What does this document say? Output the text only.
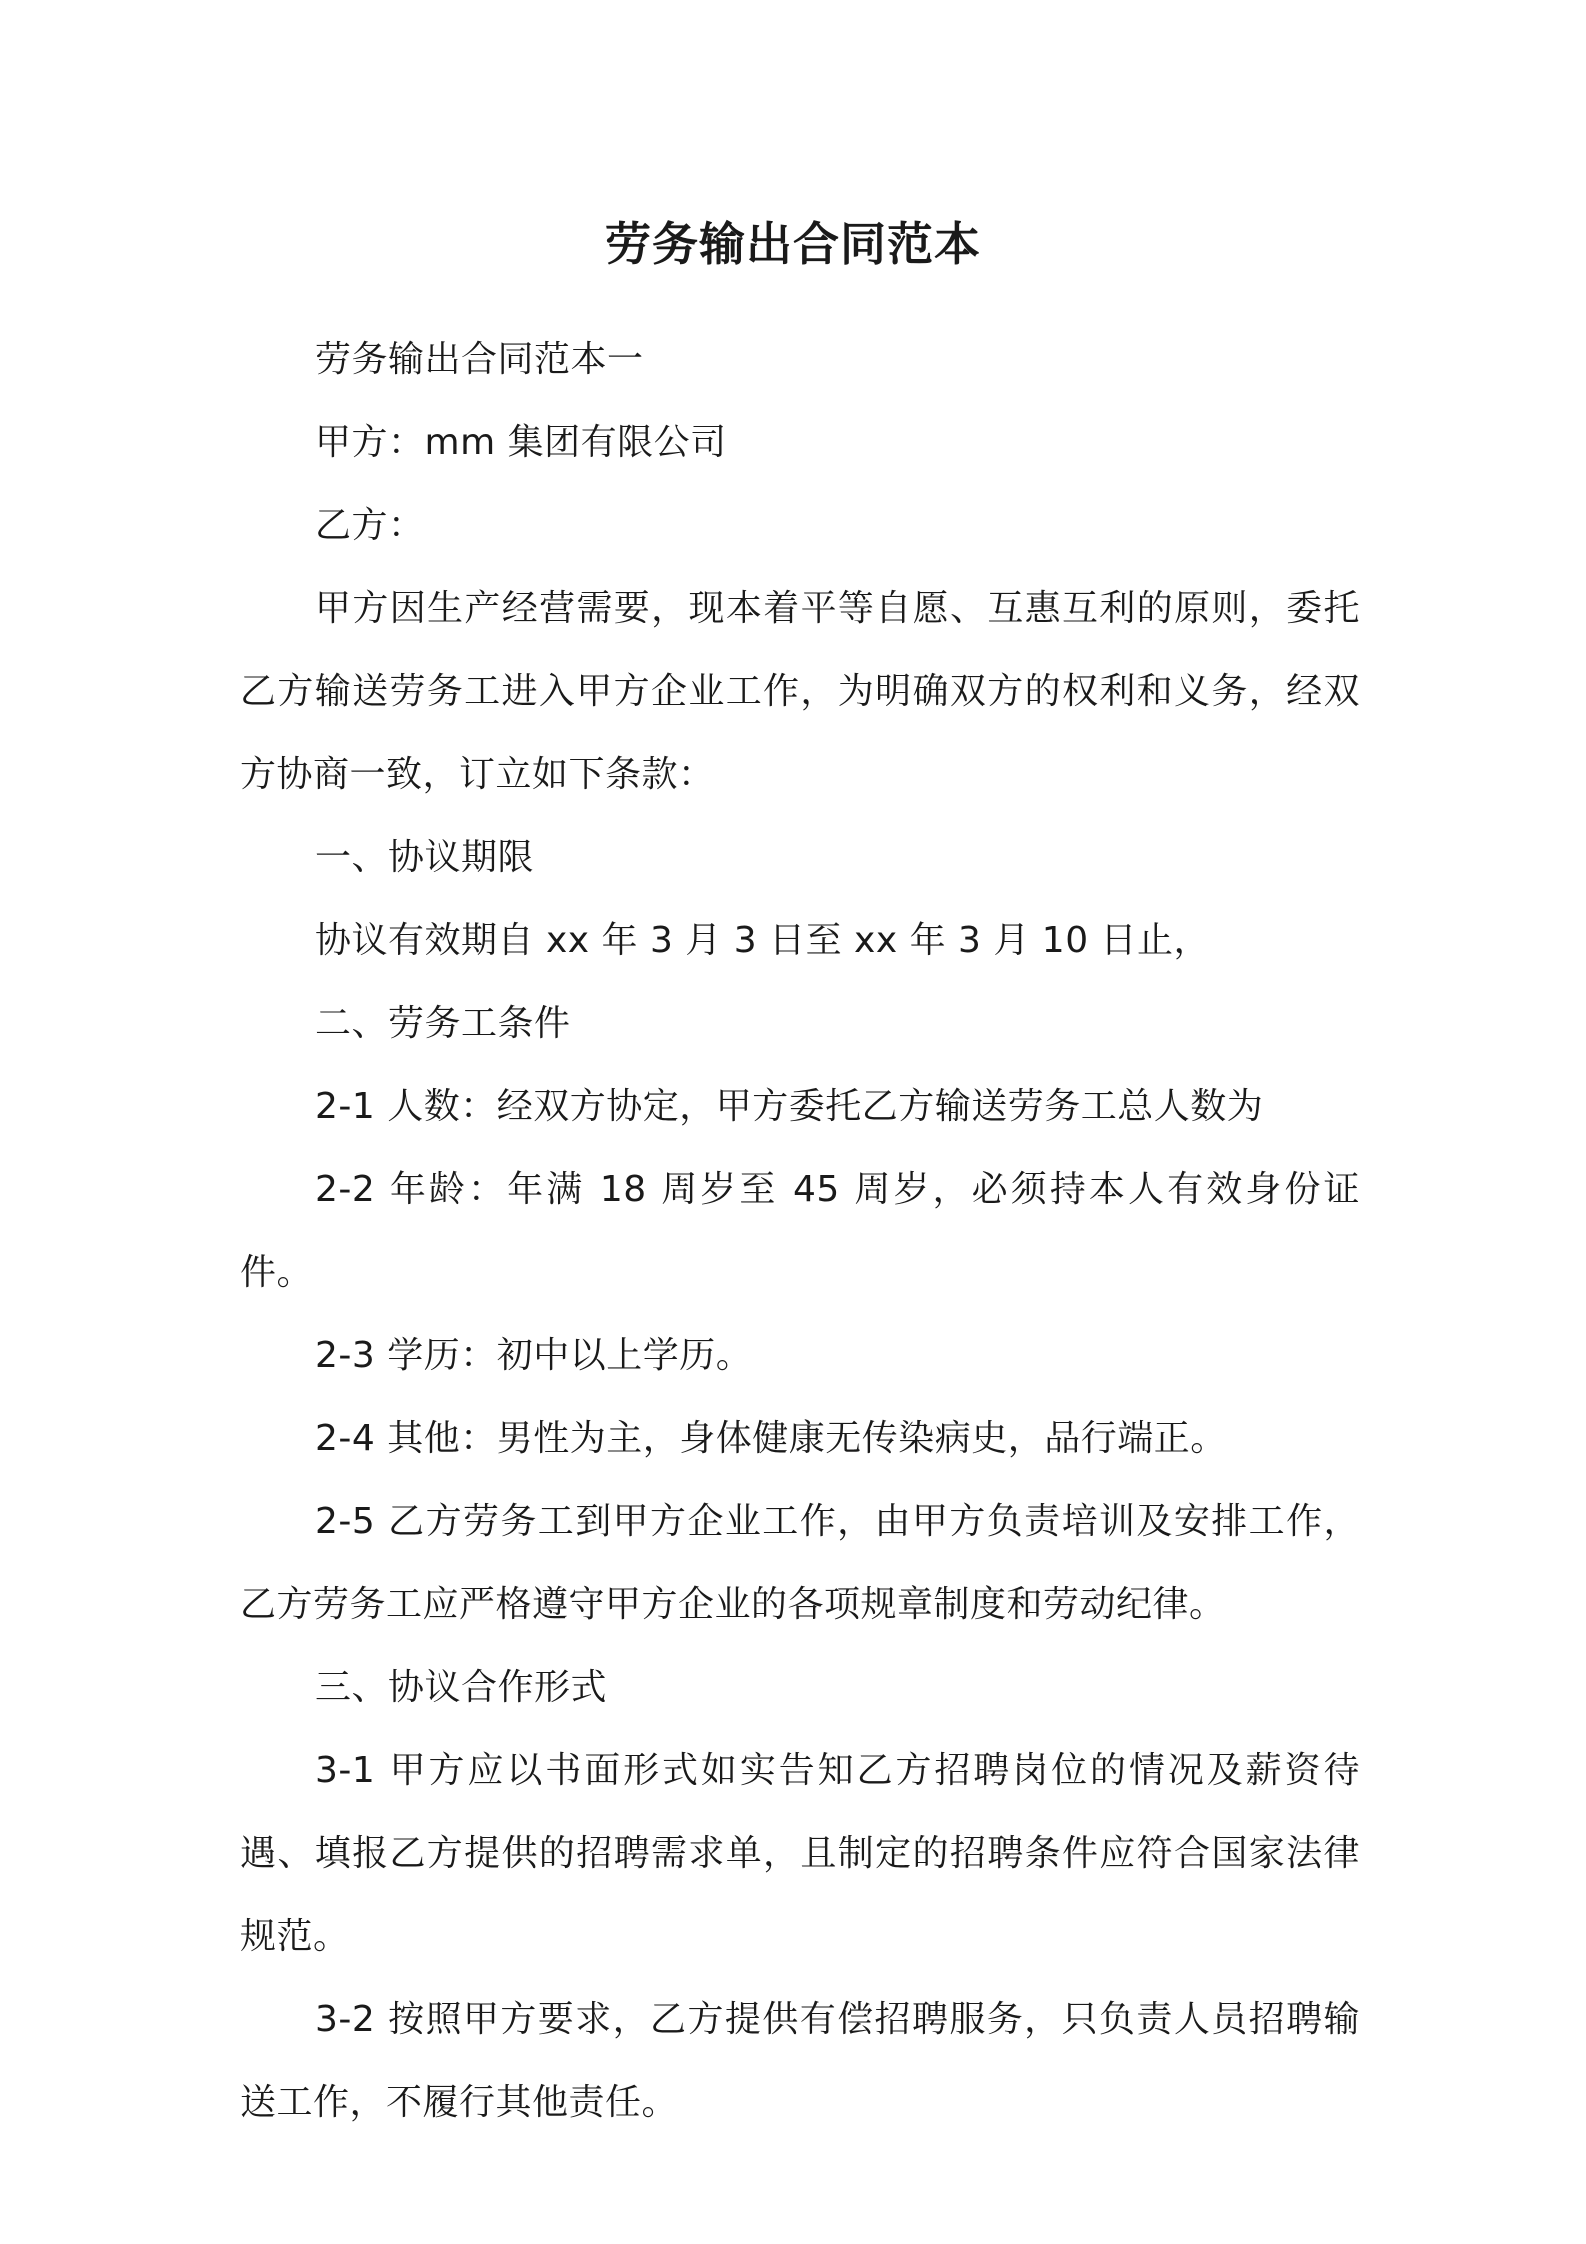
劳务输出合同范本

劳务输出合同范本一

甲方：mm 集团有限公司

乙方：

甲方因生产经营需要，现本着平等自愿、互惠互利的原则，委托乙方输送劳务工进入甲方企业工作，为明确双方的权利和义务，经双方协商一致，订立如下条款：

一、协议期限

协议有效期自 xx 年 3 月 3 日至 xx 年 3 月 10 日止，

二、劳务工条件

2-1 人数：经双方协定，甲方委托乙方输送劳务工总人数为

2-2 年龄：年满 18 周岁至 45 周岁，必须持本人有效身份证件。

2-3 学历：初中以上学历。

2-4 其他：男性为主，身体健康无传染病史，品行端正。

2-5 乙方劳务工到甲方企业工作，由甲方负责培训及安排工作，乙方劳务工应严格遵守甲方企业的各项规章制度和劳动纪律。

三、协议合作形式

3-1 甲方应以书面形式如实告知乙方招聘岗位的情况及薪资待遇、填报乙方提供的招聘需求单，且制定的招聘条件应符合国家法律规范。

3-2 按照甲方要求，乙方提供有偿招聘服务，只负责人员招聘输送工作，不履行其他责任。
